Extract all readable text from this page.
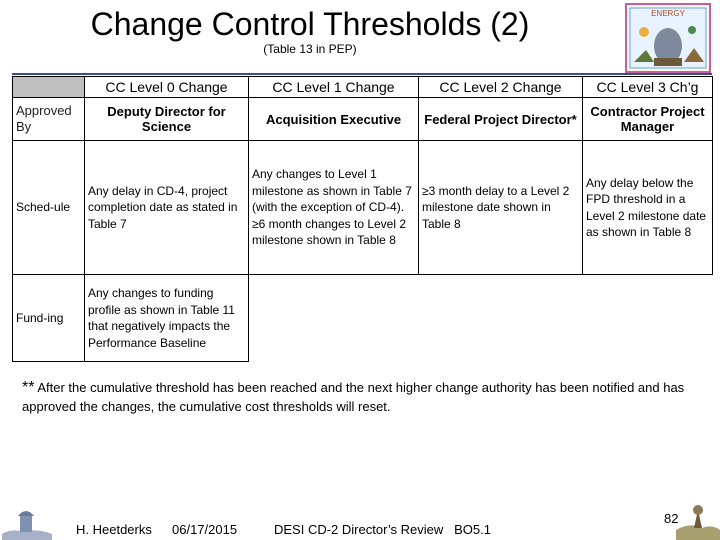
Change Control Thresholds (2)
(Table 13 in PEP)
ENERGY
	CC Level 0 Change	CC Level 1 Change	CC Level 2 Change	CC Level 3 Ch’g
Approved By	Deputy Director for Science	Acquisition Executive	Federal Project Director*	Contractor Project Manager
Sched-ule	Any delay in CD-4, project completion date as stated in Table 7	Any changes to Level 1 milestone as shown in Table 7 (with the exception of CD-4). ≥6 month changes to Level 2 milestone shown in Table 8	≥3 month delay to a Level 2 milestone date shown in Table 8	Any delay below the FPD threshold in a Level 2 milestone date as shown in Table 8
Fund-ing	Any changes to funding profile as shown in Table 11 that negatively impacts the Performance Baseline			
** After the cumulative threshold has been reached and the next higher change authority has been notified and has approved the changes, the cumulative cost thresholds will reset.
H. Heetderks 06/17/2015	DESI CD-2 Director’s Review   BO5.1
82
